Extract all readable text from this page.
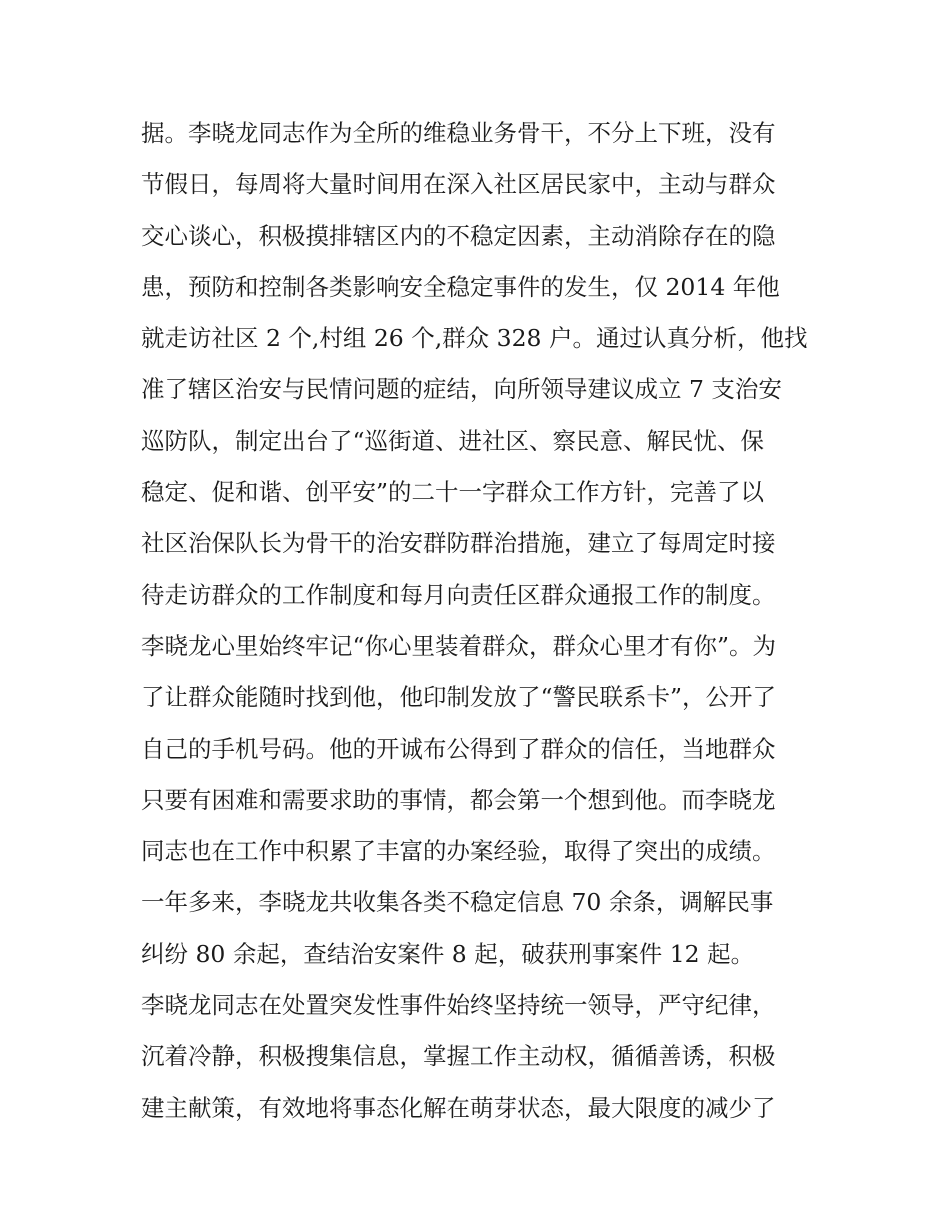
据。李晓龙同志作为全所的维稳业务骨干，不分上下班，没有
节假日，每周将大量时间用在深入社区居民家中，主动与群众
交心谈心，积极摸排辖区内的不稳定因素，主动消除存在的隐
患，预防和控制各类影响安全稳定事件的发生，仅 2014 年他
就走访社区 2 个,村组 26 个,群众 328 户。通过认真分析，他找
准了辖区治安与民情问题的症结，向所领导建议成立 7 支治安
巡防队，制定出台了“巡街道、进社区、察民意、解民忧、保
稳定、促和谐、创平安”的二十一字群众工作方针，完善了以
社区治保队长为骨干的治安群防群治措施，建立了每周定时接
待走访群众的工作制度和每月向责任区群众通报工作的制度。
李晓龙心里始终牢记“你心里装着群众，群众心里才有你”。为
了让群众能随时找到他，他印制发放了“警民联系卡”，公开了
自己的手机号码。他的开诚布公得到了群众的信任，当地群众
只要有困难和需要求助的事情，都会第一个想到他。而李晓龙
同志也在工作中积累了丰富的办案经验，取得了突出的成绩。
一年多来，李晓龙共收集各类不稳定信息 70 余条，调解民事
纠纷 80 余起，查结治安案件 8 起，破获刑事案件 12 起。
李晓龙同志在处置突发性事件始终坚持统一领导，严守纪律，
沉着冷静，积极搜集信息，掌握工作主动权，循循善诱，积极
建主献策，有效地将事态化解在萌芽状态，最大限度的减少了
